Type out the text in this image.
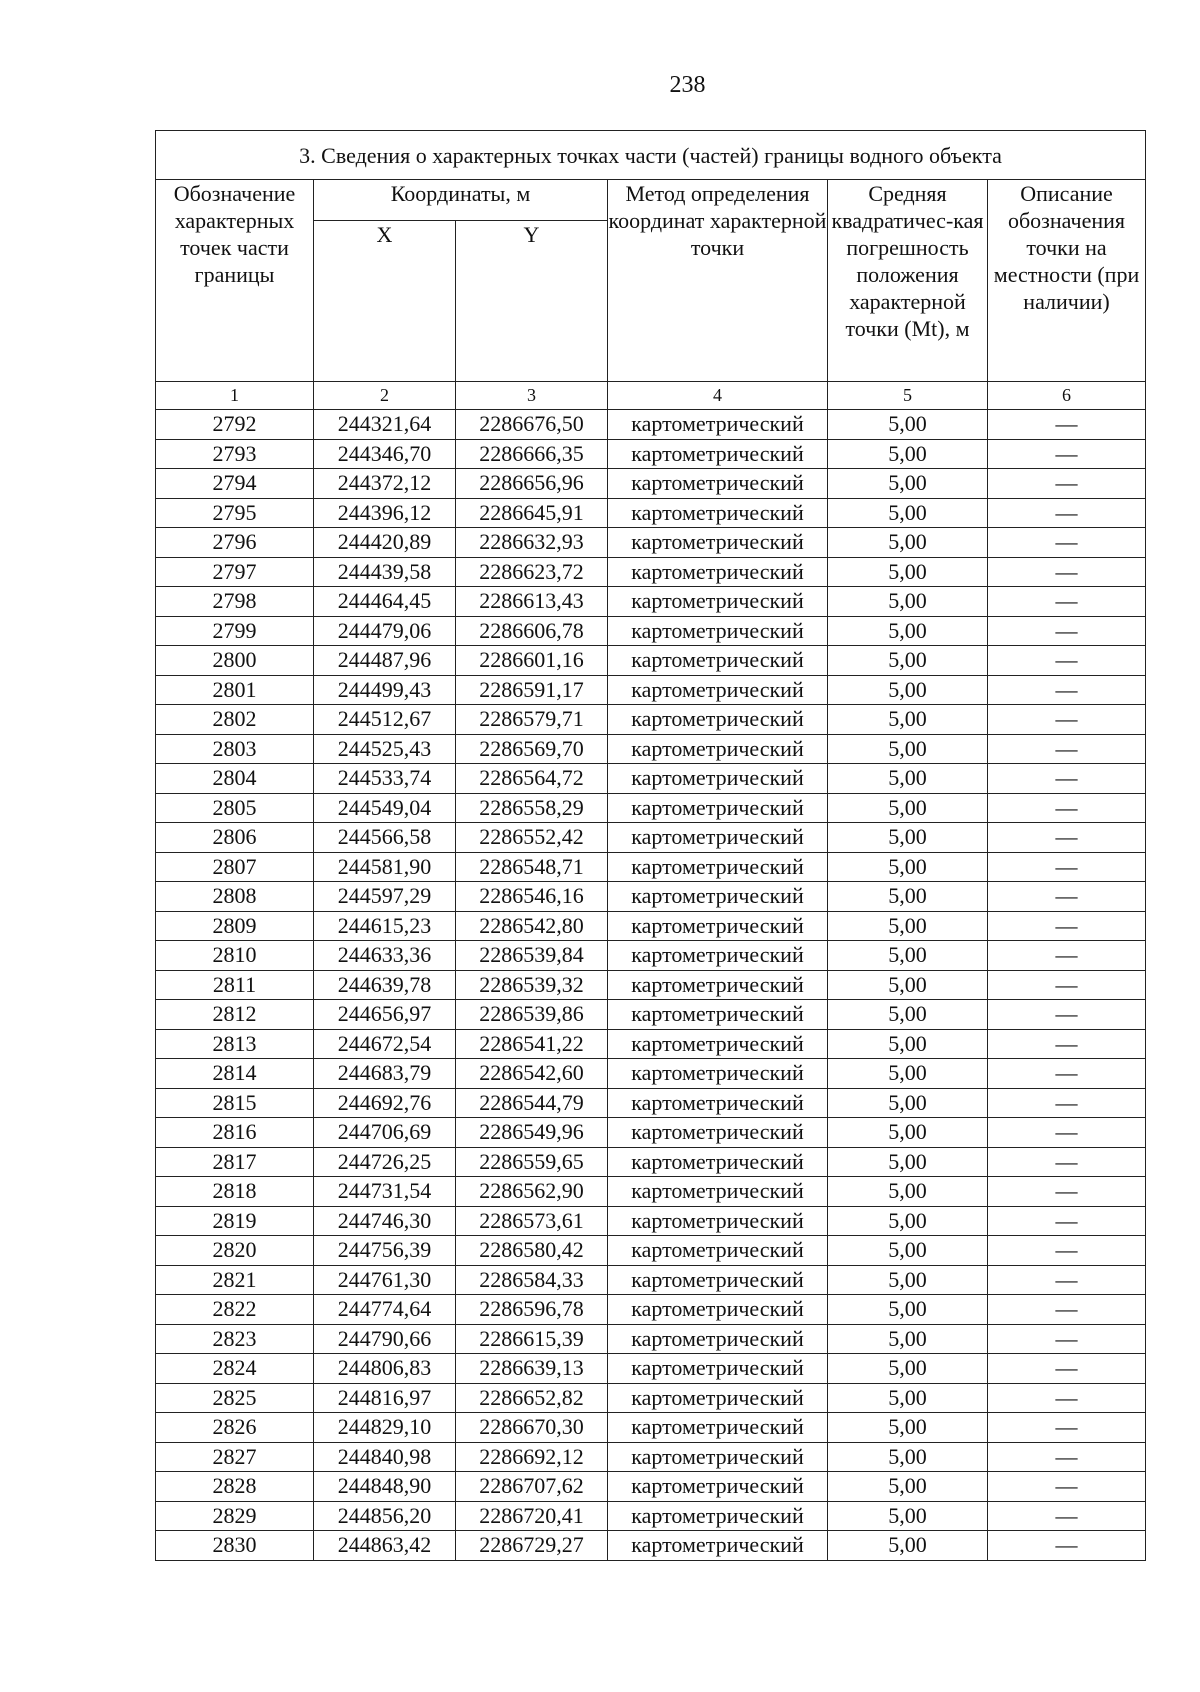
238
3. Сведения о характерных точках части (частей) границы водного объекта					
Обозначение характерных точек части границы	Координаты, м		Метод определения координат характерной точки	Средняя квадратичес-кая погрешность положения характерной точки (Mt), м	Описание обозначения точки на местности (при наличии)
	X	Y			
1	2	3	4	5	6
2792	244321,64	2286676,50	картометрический	5,00	—
2793	244346,70	2286666,35	картометрический	5,00	—
2794	244372,12	2286656,96	картометрический	5,00	—
2795	244396,12	2286645,91	картометрический	5,00	—
2796	244420,89	2286632,93	картометрический	5,00	—
2797	244439,58	2286623,72	картометрический	5,00	—
2798	244464,45	2286613,43	картометрический	5,00	—
2799	244479,06	2286606,78	картометрический	5,00	—
2800	244487,96	2286601,16	картометрический	5,00	—
2801	244499,43	2286591,17	картометрический	5,00	—
2802	244512,67	2286579,71	картометрический	5,00	—
2803	244525,43	2286569,70	картометрический	5,00	—
2804	244533,74	2286564,72	картометрический	5,00	—
2805	244549,04	2286558,29	картометрический	5,00	—
2806	244566,58	2286552,42	картометрический	5,00	—
2807	244581,90	2286548,71	картометрический	5,00	—
2808	244597,29	2286546,16	картометрический	5,00	—
2809	244615,23	2286542,80	картометрический	5,00	—
2810	244633,36	2286539,84	картометрический	5,00	—
2811	244639,78	2286539,32	картометрический	5,00	—
2812	244656,97	2286539,86	картометрический	5,00	—
2813	244672,54	2286541,22	картометрический	5,00	—
2814	244683,79	2286542,60	картометрический	5,00	—
2815	244692,76	2286544,79	картометрический	5,00	—
2816	244706,69	2286549,96	картометрический	5,00	—
2817	244726,25	2286559,65	картометрический	5,00	—
2818	244731,54	2286562,90	картометрический	5,00	—
2819	244746,30	2286573,61	картометрический	5,00	—
2820	244756,39	2286580,42	картометрический	5,00	—
2821	244761,30	2286584,33	картометрический	5,00	—
2822	244774,64	2286596,78	картометрический	5,00	—
2823	244790,66	2286615,39	картометрический	5,00	—
2824	244806,83	2286639,13	картометрический	5,00	—
2825	244816,97	2286652,82	картометрический	5,00	—
2826	244829,10	2286670,30	картометрический	5,00	—
2827	244840,98	2286692,12	картометрический	5,00	—
2828	244848,90	2286707,62	картометрический	5,00	—
2829	244856,20	2286720,41	картометрический	5,00	—
2830	244863,42	2286729,27	картометрический	5,00	—
